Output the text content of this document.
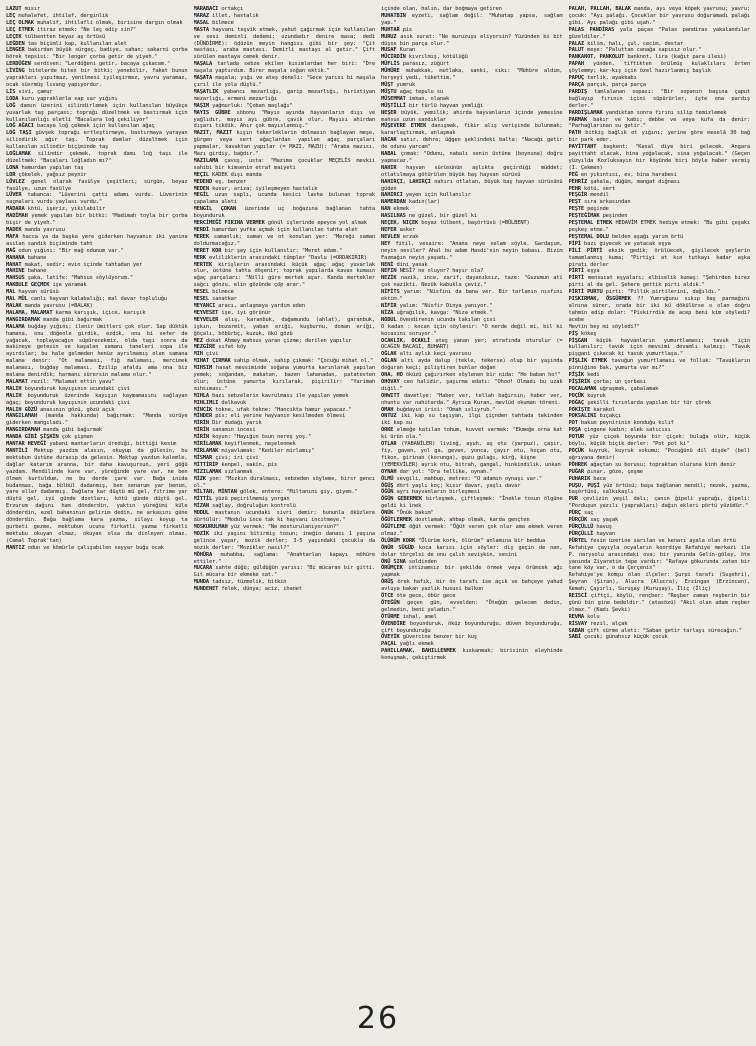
LAZUT mısır

LEÇ muhalefet, ihtilaf, derginlik

LEÇ OLMAK muhalif, ihtilafli olmak, birisine dargın olmak

LEÇ ETMEK itiraz etmek: "Ne leç ediy sin?"

LEÇEK tülbentten beyaz aş örtüsü

LEĞDEN tas biçimli kap, kullanılan alet

LENGER bakırdan büyük sürgeç, badiye, sahan; sakarni çorba börek tepsisi: "Bir lenger çorba getir de yiyeh."

LERDÜĞEN serdiven: "Lerdüğeni getir, bacaya çıkacam."

LİVİNG bitelerde biten bir bitki; yenebilir, fakat bunun yaprakları yıpıtmaz, yenilmesi iyileşirmez, yavru yaramaz, ocak süsrmüş lıvang yapıyordur.

LİS sivi, çamur

LODA kuru yapraklarla sap sar yığını

LOĞ damın üzerini silindirlemek için kullanılan büyükçe yuvarlak taş parçası; toprağı düzeltmek ve bastırmak için kullanılanlığı eletli "Bacalara loğ çekiliyor"

LOĞ AĞACI bacaya loğ çekmek için kullanılan ağaç

LOĞ TAŞI güvşek toprağı ertleştirmeye, bastırmaya yarayan silindirik ağır taş. Toprak damlar düzeltmek için kullanılan silindir biçiminde taş

LOĞLAMAK silindir çekmek, toprak damı loğ taşı ile düzeltmek: "Bacaları loğladın mı?"

LONA hamurdan yapılan taş

LOR çökelek, yağsız peynir

LÖVLEZ genel olarak fasülye çeşitleri; sürgün, beyaz fasülye, uzun fasülye

LÜVER tabanca: "Lüverini çatti adamı vurdu. Lüverinin saçmaları vurdu yaylası vurdu."

MADARA kötü, işeriz, yıkılabilir

MADİMAH yemek yapılan bir bitki: "Madimah toyla bir çorba bişir de yiyeh."

MADEK manda yavrusu

MAFA hacca ya da başka yere giderken hayvanın iki yanına asılan sandık biçiminde taht

MAĞ odun yığını: "Bir mağ odunum var."

MAHANA bahane

MAHAT makat, sedir; evin içinde tahtadan yer

MAHINE bahane

MAHSUS şaka, latife: "Mahsus söylüyorum."

MAKBULE GEÇMEK işe yaramak

MAL hayvan sürüsü

MAL MÜL canlı hayvan kalabalığı; mal davar topluluğu

MALAK manda yavrusu (=BALAK)

MALAMA, MALAMAT karma karışık, içice, karışık

MANGIRDAMAK manda gibi bağırmak

MALAMA buğday yığını; ilenir ümitleri çok olur. Sap düktük hamana, onu döğenle girdik, ezdik, onu bi sefer de yağacak, toplayacağın süpürecekmiz, olda taşı sonra da makineye getesin ve kaşalan samanı taneleri sopa ile ayırdılar; bu hale gelmeden henüz ayrılmamış olan samana malama denir: "Ot malaması, fiğ malaması, mercimek malaması, buğday malaması. Ezilip afaldı ama ona biz malama denirdik; harmanı sürersin malama olur."

MALAMAT rezil: "Malamat ettin yavu"

MALIH boyunduruk kayışının ucundaki çivi

MALIH boyunduruk üzerinde kayışın kaymamasını sağlayan ağaç; boyunduruk kayışının ucundaki çivi

MALIH GÖZÜ anasının gözü, gözü açık

MANGILAMAH (manda hakkında) bağırmak: "Manda sürüye giderken mangıladı."

MANGIRDAMAH manda gibi bağırmak

MANDA GİBİ ŞİŞKİN çok şişman

MANTAR HEVEĞİ yabani mantarların üredıği, bittiği kesim

MANTİLİ Mektup yazdım alasın, okuyup da gülesin, bu mektubun üstüne durasıp da gelesin. Mektup yazdım kalemle, dağlar katarım aranna, bir daha kavuşursun, yeri göğü yazdam. Mendilinde kare var, yüreğinde yare var, ne ben ölmem kurtuldum, ne bu derde çare var. Bağa inida budanmaz, bağa bülbül dadanmış, ben senarum yar benim, yare eller dadanmış. Dağlara kar düştü mü gel, fitrime yar düştü gel, iyi günde dostları, kötü günde düştü gel. Erzurum dağını ham dönderdin, yaktın yüreğimi küle dönderdin, ezel bahanının gelirim dedin, ne arkasını güne dönderdin. Bağa bağlama kara yazma, silayı koyup ta gurbeti gezme, mektubun ucunu firkatli yazma firkatli mektubu okuyan olmaz, okuyan olsa da dinleyen olmaz. (Cemal Toprak'tan)

MANTIZ odun ve kömürle çalışabilen seyyar buğu ocak

MARABACI ortakçı

MARAZ illet, hastalık

MASAL bilmece

MASTA hayvanı teşvik etmek, yahut çağırmak için kullanılan ve sesi deminli dedemi; uzundadır denire masa; dedi (DÜNDİRME): ödüzün meyin hangısı gibi bir şey: "Çit mastası, araba mastası. Demirli mastayı al getir." Çift sürülen mastaya cemek denir.

MAŞALA tarlada sebze ekilen kısımlardan her biri: "Dre maşala yaptırdım. Birer maşala soğan ektik."

MAŞATA maşala; yığı ve ateş deneli: "Gece yarısı bi maşala çırıl ile yola düştü."

MAŞATLIK yabancı mezarlığı, garip mezarlığı, hıristiyan mezarlığı, ermeni mezarlığı

MAŞIM yağmurluk: "Çoban maşlağı"

MAYIS GÜBRE söbonu "Mayıs ayında hayvanların dışı ve yağlıdır, mayıs ayı gübre, çavik olur. Mayısı ahirdan dışarı tikdik. Ahır çok mayıslanmış."

MAZIT, MAZIT kışın tekerleklerin dolmasın bağlayan meşe, gürgen veya sert ağaçlardan yapılan ağaç parçaları yapmalar, kavaktan yapılar (= MAZI, MAZU): "Araba mazısı. Mazı girdiy, bağdır."

MAZILAMA çavuş, usta: "Mazıma çocuklar MEÇELİS mevkii sahibi bir kimsenin etraf maiyeti

MEÇIL KADEK dışı manda

MEDEND eş, benzer

MEDEN kusur, ariza; iyileşmeyen hastalık

MEGİL uzun saplı, ucunda kesici lavha bulunan toprak çapalama aleti

MENGİL ÇOKAN üzerinde uç boğazına bağlanan tahta boyunduruk

MERCİMEĞİ FIRINA VERMEK gönül işlerinde epeyce yol almak

MERDİ hamurdan yufka açmak için kullanılan tahta alet

MEREK samanlık; saman ve ot konulan yer: "Mereği saman doldurmacağız."

MERET KOR bir şey için kullanılır: "Meret adam."

MERK evliliklerin arasındaki tümpler "Davlu (=ORDAKIRIR)

MERTEK kirişlerin arasındaki küçük ağaç ağaç yuvarlak olur, üstüne tahta döşenir; toprak yapılarda kavas kumaın ağaç parçaları: "Nilli güre mertek aşar. Kanda mertekler sağcı gönzu, elin gözünde çöp arar."

MESEL bilmece

MESEL sanatkar

MEYANCI aracı, anlaşmaya yardım eden

MEYVESET işe, iyi görünür

MEYVELER alış, karanbuk, dağamundu (ahlat), garanbuk, işkın, bozarmit, yaban eriği, kuşburnu, doman eriği, ğöçalı, böbürbç, kuzuk, ökü gözü

MEZ dokat Ahmey mahsus yaran çizme; derilen yapılır

MEZGİRE sıfat köy

MIH çivi

MIHAT ÇIRMAK sahip olmak, sahip çıkmak: "Çocuğu mihat ol."

MIHSIM hasat mevsiminde soğana yumurta karınlarak yapılan yemek; soğandan, makatan, bazen lahanadan, patatesten olur; üstüne yumurta kırılarak, pişirilir: "Yarimah mıhsıması."

MIHLA bazı sebzelerin kavrulması ile yapılan yemek

MIHLIMLI dalkavuk

MİNCİK tokne, ufak tekne: "Hancıkta hamur yapacaz."

MİNDER pis; eli yerine hayvanın kesilmeden ölmesi

MİRİN Dir dudağı yarık

MİRİN sanamın incesi

MİRİN koyun: "Hayığın ösun nereş yoş."

MİRİLAMAK keyiflenmek, neşelenmek

MİRLAMAK miyavlamak: "Kediler mirlamış"

MİSMAR çivi; iri çivi

MİTTİRİP kenpel, sakin, pis

MİZILAMAK sızlanmak

MİZK yon: "Mızkın duralması, sebzeden söyleme, birsr gencı ol."

MİLTAN, MİNTAN gölek, entere: "Miltanını giy, giyem."

MİTTİL yüzü peçirilmemiş yorgan

MİZAN sağlay, doğruluğun kontrolü

MODUL mastanın ucundaki sivri demir; bununla öküzlere dürtülür: "Modulu ince tak ki hayvanı incitmeye."

MOSKURULMAH yüz vermek: "Ne mosturulanıyorsun?"

MOZİK iki yaşını bitirmiş tosun; ineğin danası 1 yaşına gelince yaşar, mozik derler; 3-5 yaşındaki çocukla da mozik derler: "Mozikler nasıl?"

MÖHÜRA muhabba, sağlama: "Anahtarlan kapayı möhüre ettiler."

MUCARA sahte düğü; güldüğün yarısı: "Bi mücaran bir gitti. Git mücara bir ekmeke sat."

MUNDA tadsız, tüzmelik, bitkin

MUNDENET felek, dünya; aciz, ihanet

içinde olan, halın, dar boğmaya getiren

MUHATBIN eyzeti, sağlam değil: "Muhatap yapsa, sağlam yap."

MUHTAR pis

MURUZ asık surat: "Ne muruzuşu eliyorsin? Yüzünden bi bit düşse bin parça olur."

MUSAF Kuran

MÜCİRDİN kıvrılmış, kötülüğü

MÜFLİS parasız, züğürt

MÜHÜRE muhakkak, mutlaka, sanki, sıkı: "Mühüre aldım, herşeyi yedi, tükettim."

MÜŞT yumruk

MÜŞTU ağaç tepulu su

MÜSEMMAT imkan, olanak

MÜŞTİLLİ bir türlü hayvan yemliği

NEŞER büyük, yemilik; ahirda hayvanların içinde yemesine mahsus uzun sandıklar

MÜŞEVERE ETMEK danışmak, fikir alış verişinde bulunmak; kararlaştırmak, anlaşmak

NACAK satır, dehre; üğgen şeklindeki balta: "Nacağı getir de odunu yarcam"

NABAL çomak: "Odunu, nabalı senin üstüne (boynuna) doğru yapmacaz."

NAHIR hayvan sürüsünün aşlıkta geçirdiği müddet; otlatılmaya götürülen büyük baş hayvan sürüsü

NAHIRÇI, LAHIRÇI nahırı otlatan, büyük baş hayvan sürüsünü güden

NAHIRCI yeyen için kullanılır

NAMERDAN kadın(lar)

NAN ekmek

NASILHAS ne güzel, bir güzel ki

NEÇEK, NIÇEK boyaz tülbent, başörtüsü (=BÜLBENT)

NEFER asker

NEVLEN erzak

NEY fitil, vesaire: "Anana neye selam söyle. Gardaşım, neyin nesiler? Ahal bu adam Hasdi'nin neyin babası. Bizim Fazmağın neyin yaşadı."

NENİ dini yasak

NEFIN NESİ? ne oluyor? hayır ola?

NEZİK nazik, ince, zarif, dayanıksız, taze: "Guzumun ati çok nazikti. Nezük kabukla çeviz."

NİFİTS yarım: "Nisfını da bana ver. Bir tarlanın nısfını ektim."

NİFİR yalım: "Nisfir Dinya yanıyor."

NİZA uğrağılık, kavga: "Niza etmek."

NODUL övendirenin ucunda takılan çivi

O kadan : kocan için söylenir: "O nerde değil mi, bil ki kocasını soruyor."

OCAKLIK, OCAKLİ ateş yanan yer; etrafında oturulur (= OCAĞIN BACASI, BUHART)

OĞLAK altı aylık keçi yavrusu

OĞLAN altı ayda dalup (tekle, tekerse) olup bir yaşında doğuran keçi; piliştiren bunlar doğan

OHA, HO öküzü çağırırken söylenen bir nida: "Ho baban ho!"

OHOVAY ceo halidir, şaşırma edatı: "Ohoo! Olmadı bu uzak diğil."

OHWITT davetlye: "Haber ver, tellah bağırsın, haber ver, ohuntu var nahitarda." Ayrıca Kuran, mevlüd okuman töreni.

OMAH buğdayın irisi: "Omah ıslıyrub."

ONTUZ iki kap su taşıyan, ilgi çiçnden tahtada tekinden iki kap su

ORKE elmeğe katılan tohum, kuvvet vermek: "Ekmeğe orna kat ki ürün ola."

OTLAR (YABANİLER) livinğ, ayuh, aş otu (yarpuz), çaşır, fiy, gaven, yol ga, geven, yonca, çayır otu, hoçan otu, fikon, girinan (korunga), guzu gulağı, kirğ, kişne

(YEMEKVİLER) ayrık otu, bitrah, gangal, hınkindilik, unkan

OYNAH dar yol: "Ora tellike, oynah."

ÖLMÜ sevgili, mahbup, metres: "O adamın oynaşı var."

ÖĞÜŞ dört yaşlı koç; kısır davar, yaşlı davar

ÖĞÜN ayrı hayvanların birleşmesi

ÖĞÜN GEBERMEK birleşmek, çiftleşmek: "İnekle tosun ölgüne geldi ki inek

ÖNÜK "Önük bakım"

ÖĞÜTLERMEK dostlamak, ahbap olmak, karda gençten

ÖĞÜTLEME öğüt vermek: "Öğüt veren çok olur ama ekmek veren olmaz."

ÖLÜRÜM KORK "Ölürüm kork, ölürüm" anlamına bir beddua

ÖNÜR SÜGÜD koca karısı için söyler: diş geçin de nan, dolar törçelsi de onu çalıh sevişkin, sesini

ÖNÜ SINA soldinden

ÖRÜMÇEK intizamsız bir şekilde örmek veya örümcek ağı yapmak

ÖRÜŞ örek hafık, bir ön tarafı ise açık ve bahçeye yahud avluya bakan yazlık hususi balkon

ÖTCE öte gece, öbür gece

ÖTEĞÜN geçen gün, evvelden: "Öteğün gelecem dedin, gelmedin, beni yaladın."

ÖTÜRME ishal, amel

ÖVENDİRE boyunduruk, öküz boyunduruğu, düven boyunduruğu, çift boyunduruğu

ÖVEYİK güvercine benzer bir kuş

PAÇAL yağlı ekmek

PAHILLAMAK, BAHILLENMEK kıskanmak; birisinin aleyhinde konuşmak, çekiştirmek

PALAH, PALLAH, BALAK manda, ayı veya köpek yavrusu; yavru; çocuk: "Ayı palağı. Çocuklar bir yavrusu doğuramadı palağı gibi. Ayı palağı gibi uşah."

PALAS PANDİRAS yala paças "Palas pandiras yakalandılar güzeldiler."

PALAZ kilim, halı, çul, cecim, destar

PALUT meşe: "Paluttan canağa sapısız olur."

PANKANOT, PANKOLUT banknot, lira (kağıt para ilesi)

PAPAH yünden, tiftikten örülmüş kulaklıları örten şöylemmy; kar-kış için özel hazırlanmış başlık

PAPUÇ terlik, ayakkabı

PARÇA parçık, parça parça

PARDIŞ tamlalanan sopası: "Bir sopanın başına çaput bağlayıp fırının içini süpürürler, işte ona pardış derler."

PARDIŞLAMAK yandıktan sonra fırını silip temizlemek

PARMAK bakır ve kabı; debbe ve veya kufa da denir: "Parhağlarınan su getir."

PATH bitkiş bağlık ot yığını; yerine göre meselâ 30 bağ bir park eder.

PAYİTTAHT başkent: "Kasal diye biri gelecek. Angara payittaht olacak, bina yoğalacak, sina yoğalacak." (Geçen yüzyılda Kozluksayın bir köyünde biri böyle haber vermiş (I. Çekmen)

PEĞ en yıkıntısı, ev, bina harabesi

PEHRİZ şahala, düğüm, mangat dığnası

PEHR kötü, sert

PEŞGİR mendil

PEŞT sıra arkasından

PEŞTE peşinde

PEŞTEĞİMAK peşinden

PEŞTEMAL ETMEK HEDAVİM ETMEK hediye etmek: "Bu gibi çeşakı peşkeş etme."

PEŞTEMAL DOLU belden aşağı yarım örtü

PİPİ bazı giyecek ve yatacak eşya

PİLİ PİRTİ eksik gedik; örülüecek, giyilecek şeylerin tamamlanmış kuma; "Pirtiyi at kın tutkayı kadar aşka piratı derler

PİRTİ eşya

PİRTİ mensucat eşyaları; elbiselik kumaş: "Şehirden birez pirti al da gel. Şehere gettik pirti aldık."

PİRTİ PURTU pirti: "Pillik pirtilerini, dağıldı."

PISKIRMAK, ÖSGÜRMEK ?? Yumruğunu sıkıp baş parmağını alnına sürer, orada bir iki kü dökülürse o olan doğru tahmin edip dolar: "Piskirrdik de acep beni kim söyledi? acebe

Mevtin bey mi söyledi?"

PİŞ kökeş

PİŞGAN küçük hayvanların yumurtlaması; tavuk için kullanılır; tavuk için mevsimi devamlı kalmış: "Tavuk pişgani çıkacak ki tavuk yumurtlaşa."

PİŞLİK ETMEK tavuğun yumurtlaması ve folluk: "Tavukların pinniğine bak, yumurta var mı?"

PİŞİK kedi

PİŞİRİK çorba; un çorbası

POCALAMAK uğraşmak, çabalamak

POÇÜK kuyruk

POĞAÇ şekilli fırınlarda yapılan bir tür çörek

POKİŞTE karakol

POKSALINI bıçakçı

POT bakım peynirinin konduğu kılıf

POŞA çingene kadın; elek satıcısı

POTUR yüz çiçek boyunda bir çiçek: buluğa olur, küçük boylu, küçük biçik derler: "Pot pot ki"

POÇÜK kuyruk, kuyruk sokumu: "Pocuğünü dil dişde" (bell ağrıyana denir)

PÖHREK ağaçtan su borusu; topraktan oluruna kinh denir

PUĞAR pınar, göze, çeşme

PUHARIK baca

PUŞU, PUŞİ yüz örtüsü; başa bağlanan mendil; nezek, yazma, başörtüsü, salkıkaşlı

PUR çevlizin yeşil dalı; çanın ğipeli yaprağı, ğipeli: "Porduşun yazılı (yaprakları) dağın ekleri pörtü yüzüdür."

PÜRÇ saç

PÜRÇÜK saç yaşak

PÜRÇÜLLÜ havuş

PÜRÇÜLLİ hayvan

PÜRTEL fesin üzerine sarılan ve kenarı ayala olan örtü

Refahiye çayıyla ocyaların koordiye Refahiye merkezi ile P. narysolu arasındaki ova; bir yanında Gelin-göley, öte yanında Ziyaretin tepe vardır: "Rafaya gökurunda zaten bir tane köy var, o da Çerçenis"

Refahiye'ye komşu olan ilçeler: Şurpi tarafı (Suşehri), Şeyran (Şiran), Alucra (Alucra), Erzingan (Erzincan), Kemah, Çayırlı, Suruşay (Kuruşay), İliç (İliç)

REISCİ çiftçi, köylü, rençber: "Reşber zaman reşberin bir günü bin gine bedeldir." (atasözü) "Akıl olan adam reşber olmaz." (Kadı Şevki)

REVMA kolu

RİSVAY rezil, alçak

SABAN çift sürme aleti: "Saban getir tarlayı sürecağın."

SABİ çocuk; günahsız küçük çocuk

26
